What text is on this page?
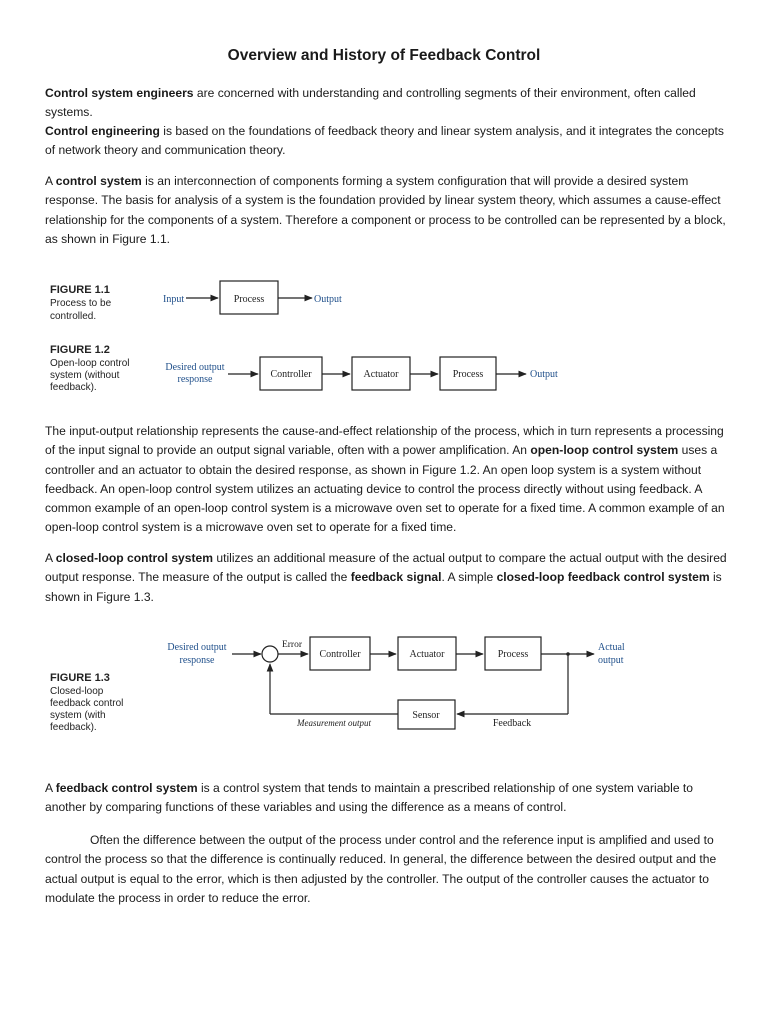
Overview and History of Feedback Control
Control system engineers are concerned with understanding and controlling segments of their environment, often called systems.
Control engineering is based on the foundations of feedback theory and linear system analysis, and it integrates the concepts of network theory and communication theory.
A control system is an interconnection of components forming a system configuration that will provide a desired system response. The basis for analysis of a system is the foundation provided by linear system theory, which assumes a cause-effect relationship for the components of a system. Therefore a component or process to be controlled can be represented by a block, as shown in Figure 1.1.
FIGURE 1.1
Process to be
controlled.
Input	Process	Output
FIGURE 1.2
Open-loop control
system (without
feedback).
Desired output
response	Controller	Actuator	Process	Output
The input-output relationship represents the cause-and-effect relationship of the process, which in turn represents a processing of the input signal to provide an output signal variable, often with a power amplification. An open-loop control system uses a controller and an actuator to obtain the desired response, as shown in Figure 1.2. An open loop system is a system without feedback. An open-loop control system utilizes an actuating device to control the process directly without using feedback. A common example of an open-loop control system is a microwave oven set to operate for a fixed time. A common example of an open-loop control system is a microwave oven set to operate for a fixed time.
A closed-loop control system utilizes an additional measure of the actual output to compare the actual output with the desired output response. The measure of the output is called the feedback signal. A simple closed-loop feedback control system is shown in Figure 1.3.
FIGURE 1.3
Closed-loop
feedback control
system (with
feedback).
Desired output
response
Error
Controller	Actuator	Process
Actual
output
Sensor
Measurement output	Feedback
A feedback control system is a control system that tends to maintain a prescribed relationship of one system variable to another by comparing functions of these variables and using the difference as a means of control.
Often the difference between the output of the process under control and the reference input is amplified and used to control the process so that the difference is continually reduced. In general, the difference between the desired output and the actual output is equal to the error, which is then adjusted by the controller. The output of the controller causes the actuator to modulate the process in order to reduce the error.
